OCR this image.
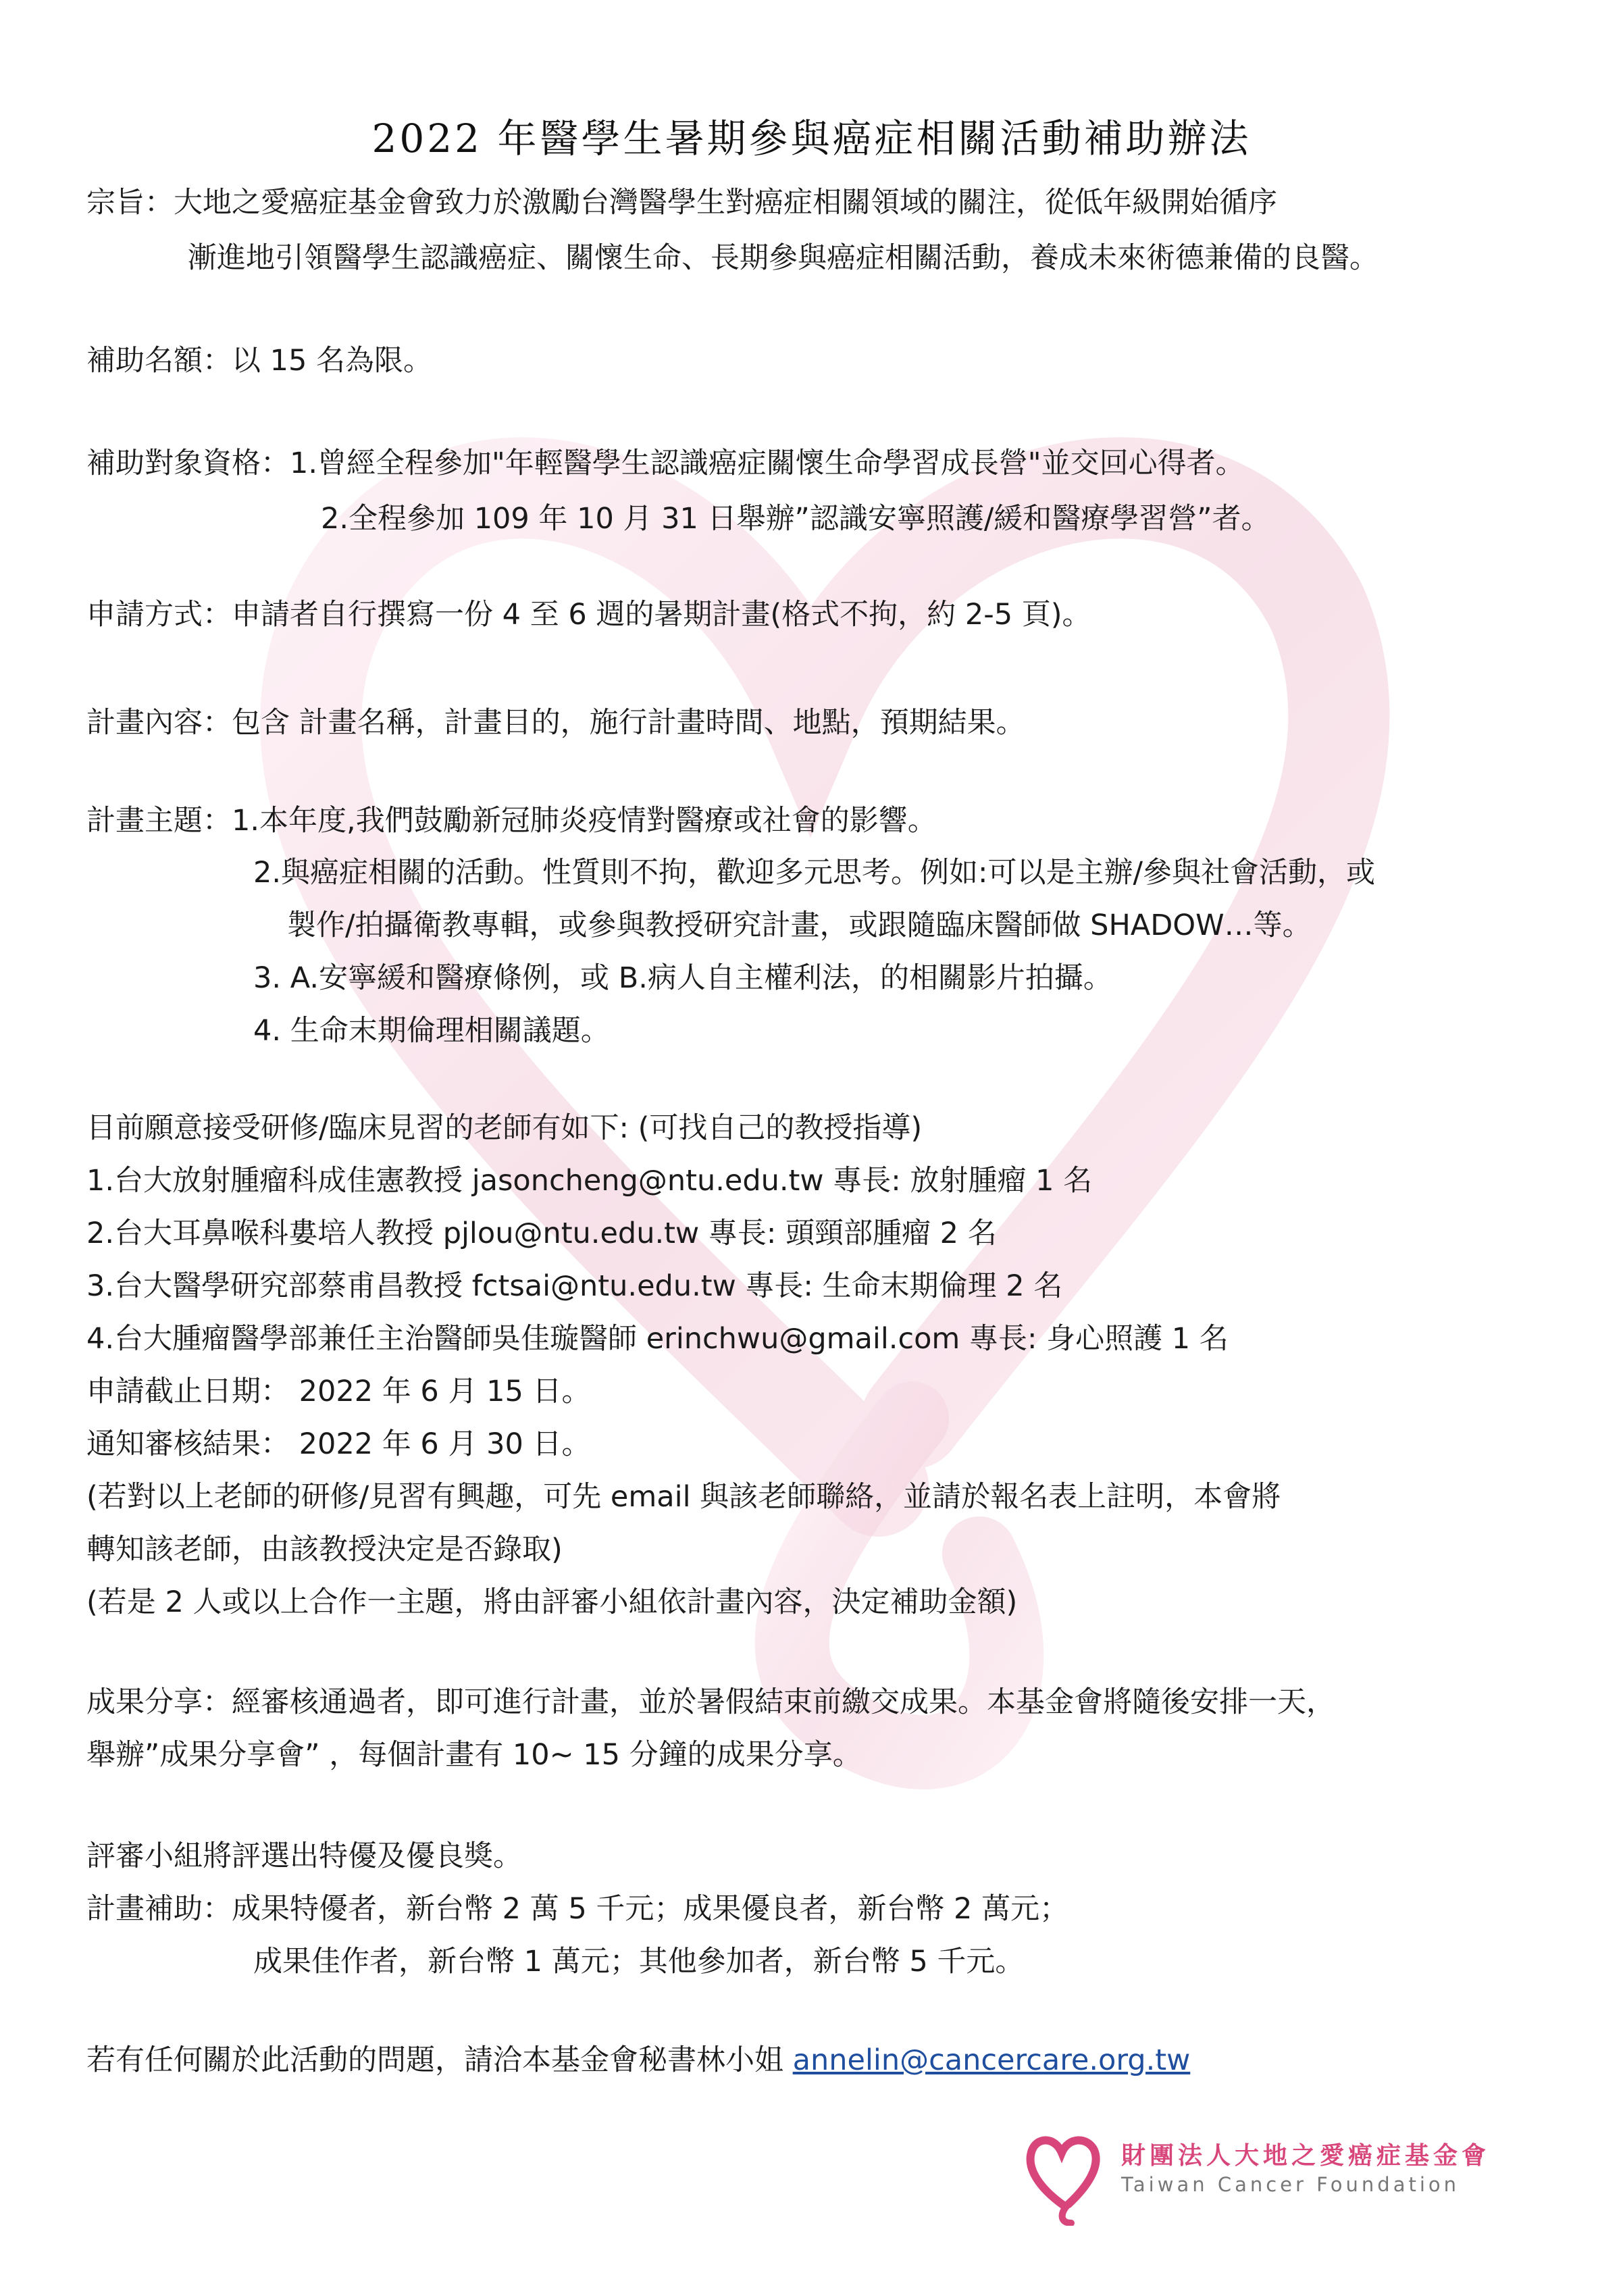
2022 年醫學生暑期參與癌症相關活動補助辦法
宗旨：大地之愛癌症基金會致力於激勵台灣醫學生對癌症相關領域的關注，從低年級開始循序
漸進地引領醫學生認識癌症、關懷生命、長期參與癌症相關活動，養成未來術德兼備的良醫。
補助名額：以 15 名為限。
補助對象資格：1.曾經全程參加"年輕醫學生認識癌症關懷生命學習成長營"並交回心得者。
2.全程參加 109 年 10 月 31 日舉辦”認識安寧照護/緩和醫療學習營”者。
申請方式：申請者自行撰寫一份 4 至 6 週的暑期計畫(格式不拘，約 2-5 頁)。
計畫內容：包含 計畫名稱，計畫目的，施行計畫時間、地點，預期結果。
計畫主題：1.本年度,我們鼓勵新冠肺炎疫情對醫療或社會的影響。
2.與癌症相關的活動。性質則不拘，歡迎多元思考。例如:可以是主辦/參與社會活動，或
製作/拍攝衛教專輯，或參與教授研究計畫，或跟隨臨床醫師做 SHADOW…等。
3. A.安寧緩和醫療條例，或 B.病人自主權利法，的相關影片拍攝。
4. 生命末期倫理相關議題。
目前願意接受研修/臨床見習的老師有如下: (可找自己的教授指導)
1.台大放射腫瘤科成佳憲教授 jasoncheng@ntu.edu.tw 專長: 放射腫瘤 1 名
2.台大耳鼻喉科婁培人教授 pjlou@ntu.edu.tw 專長: 頭頸部腫瘤 2 名
3.台大醫學研究部蔡甫昌教授 fctsai@ntu.edu.tw 專長: 生命末期倫理 2 名
4.台大腫瘤醫學部兼任主治醫師吳佳璇醫師 erinchwu@gmail.com 專長: 身心照護 1 名
申請截止日期： 2022 年 6 月 15 日。
通知審核結果： 2022 年 6 月 30 日。
(若對以上老師的研修/見習有興趣，可先 email 與該老師聯絡，並請於報名表上註明，本會將
轉知該老師，由該教授決定是否錄取)
(若是 2 人或以上合作一主題，將由評審小組依計畫內容，決定補助金額)
成果分享：經審核通過者，即可進行計畫，並於暑假結束前繳交成果。本基金會將隨後安排一天，
舉辦”成果分享會” ，每個計畫有 10~ 15 分鐘的成果分享。
評審小組將評選出特優及優良獎。
計畫補助：成果特優者，新台幣 2 萬 5 千元；成果優良者，新台幣 2 萬元；
成果佳作者，新台幣 1 萬元；其他參加者，新台幣 5 千元。
若有任何關於此活動的問題，請洽本基金會秘書林小姐 annelin@cancercare.org.tw
財團法人大地之愛癌症基金會
Taiwan Cancer Foundation
